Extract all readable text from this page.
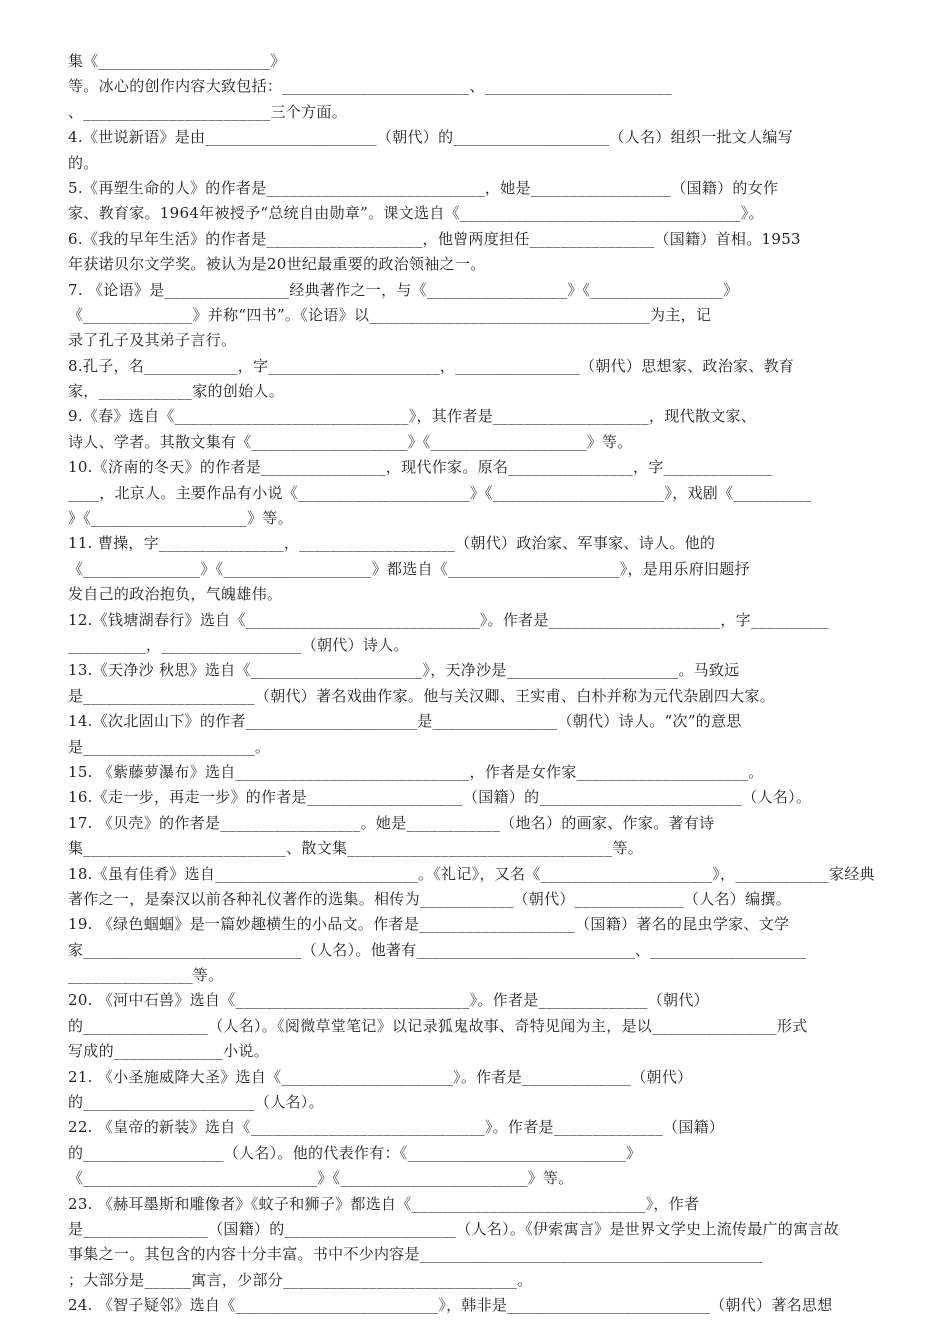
集《______________________》
等。冰心的创作内容大致包括：________________________、________________________
、________________________三个方面。
4.《世说新语》是由______________________（朝代）的____________________（人名）组织一批文人编写
的。
5.《再塑生命的人》的作者是____________________________，她是__________________（国籍）的女作
家、教育家。1964年被授予“总统自由勋章”。课文选自《____________________________________》。
6.《我的早年生活》的作者是____________________，他曾两度担任________________（国籍）首相。1953
年获诺贝尔文学奖。被认为是20世纪最重要的政治领袖之一。
7. 《论语》是________________经典著作之一，与《__________________》《_________________》
《______________》并称“四书”。《论语》以____________________________________为主，记
录了孔子及其弟子言行。
8.孔子，名____________，字______________________，________________（朝代）思想家、政治家、教育
家，____________家的创始人。
9.《春》选自《______________________________》，其作者是____________________，现代散文家、
诗人、学者。其散文集有《____________________》《____________________》等。
10.《济南的冬天》的作者是________________，现代作家。原名________________，字______________
____，北京人。主要作品有小说《______________________》《______________________》，戏剧《__________
》《____________________》等。
11. 曹操，字________________，____________________（朝代）政治家、军事家、诗人。他的
《_______________》《___________________》都选自《______________________》，是用乐府旧题抒
发自己的政治抱负，气魄雄伟。
12.《钱塘湖春行》选自《______________________________》。作者是______________________，字__________
__________，__________________（朝代）诗人。
13.《天净沙 秋思》选自《______________________》，天净沙是______________________。马致远
是______________________（朝代）著名戏曲作家。他与关汉卿、王实甫、白朴并称为元代杂剧四大家。
14.《次北固山下》的作者______________________是________________（朝代）诗人。“次”的意思
是______________________。
15. 《紫藤萝瀑布》选自______________________________，作者是女作家______________________。
16.《走一步，再走一步》的作者是____________________（国籍）的__________________________（人名）。
17. 《贝壳》的作者是__________________。她是____________（地名）的画家、作家。著有诗
集__________________________、散文集__________________________________等。
18.《虽有佳肴》选自__________________________。《礼记》，又名《______________________》，____________家经典
著作之一，是秦汉以前各种礼仪著作的选集。相传为____________（朝代）______________（人名）编撰。
19. 《绿色蝈蝈》是一篇妙趣横生的小品文。作者是____________________（国籍）著名的昆虫学家、文学
家____________________________（人名）。他著有____________________________、____________________
________________等。
20. 《河中石兽》选自《______________________________》。作者是______________（朝代）
的________________（人名）。《阅微草堂笔记》以记录狐鬼故事、奇特见闻为主，是以________________形式
写成的______________小说。
21. 《小圣施威降大圣》选自《______________________》。作者是______________（朝代）
的______________________（人名）。
22. 《皇帝的新装》选自《______________________________》。作者是______________（国籍）
的__________________（人名）。他的代表作有：《____________________________》
《______________________________》《________________________》等。
23. 《赫耳墨斯和雕像者》《蚊子和狮子》都选自《______________________________》，作者
是________________（国籍）的______________________（人名）。《伊索寓言》是世界文学史上流传最广的寓言故
事集之一。其包含的内容十分丰富。书中不少内容是____________________________________________
；大部分是______寓言，少部分______________________________。
24. 《智子疑邻》选自《__________________________》，韩非是__________________________（朝代）著名思想
